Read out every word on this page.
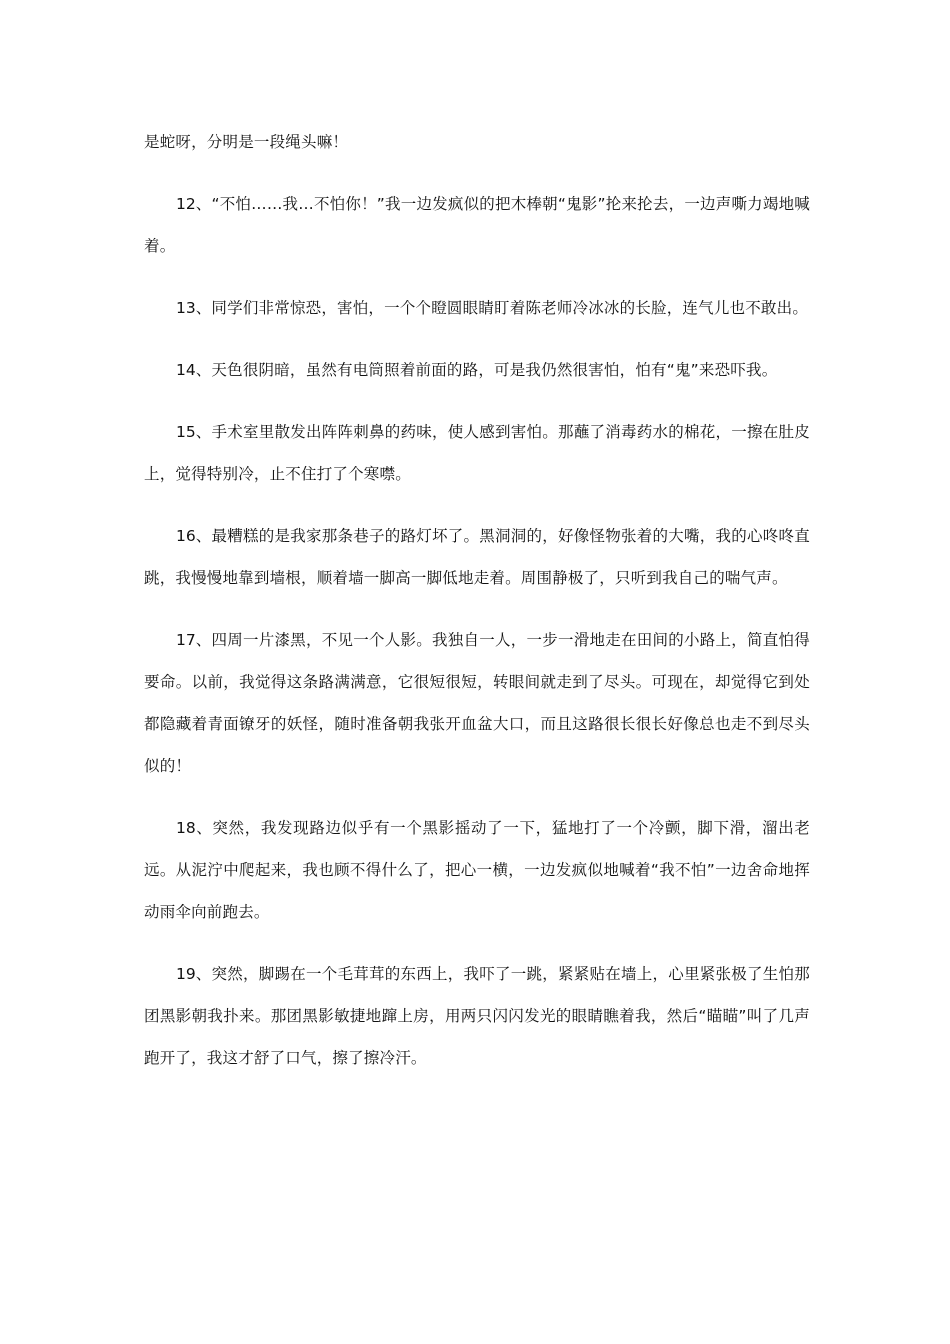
是蛇呀，分明是一段绳头嘛！

12、“不怕……我…不怕你！”我一边发疯似的把木棒朝“鬼影”抡来抡去，一边声嘶力竭地喊着。

13、同学们非常惊恐，害怕，一个个瞪圆眼睛盯着陈老师冷冰冰的长脸，连气儿也不敢出。

14、天色很阴暗，虽然有电筒照着前面的路，可是我仍然很害怕，怕有“鬼”来恐吓我。

15、手术室里散发出阵阵刺鼻的药味，使人感到害怕。那蘸了消毒药水的棉花，一擦在肚皮上，觉得特别冷，止不住打了个寒噤。

16、最糟糕的是我家那条巷子的路灯坏了。黑洞洞的，好像怪物张着的大嘴，我的心咚咚直跳，我慢慢地靠到墙根，顺着墙一脚高一脚低地走着。周围静极了，只听到我自己的喘气声。

17、四周一片漆黑，不见一个人影。我独自一人，一步一滑地走在田间的小路上，简直怕得要命。以前，我觉得这条路满满意，它很短很短，转眼间就走到了尽头。可现在，却觉得它到处都隐藏着青面镣牙的妖怪，随时准备朝我张开血盆大口，而且这路很长很长好像总也走不到尽头似的！

18、突然，我发现路边似乎有一个黑影摇动了一下，猛地打了一个冷颤，脚下滑，溜出老远。从泥泞中爬起来，我也顾不得什么了，把心一横，一边发疯似地喊着“我不怕”一边舍命地挥动雨伞向前跑去。

19、突然，脚踢在一个毛茸茸的东西上，我吓了一跳，紧紧贴在墙上，心里紧张极了生怕那团黑影朝我扑来。那团黑影敏捷地蹿上房，用两只闪闪发光的眼睛瞧着我，然后“瞄瞄”叫了几声跑开了，我这才舒了口气，擦了擦冷汗。
